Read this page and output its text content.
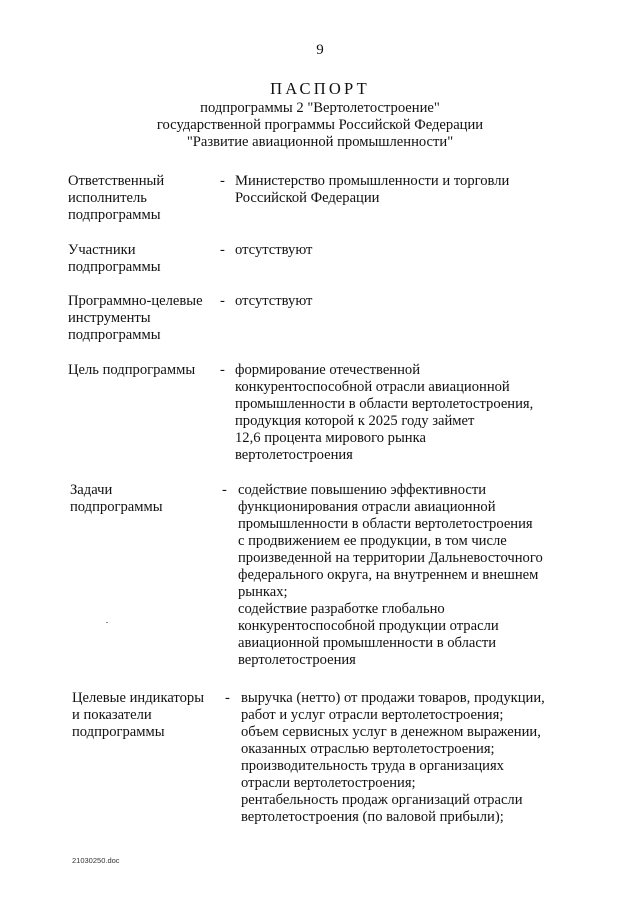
9
ПАСПОРТ
подпрограммы 2 "Вертолетостроение"
государственной программы Российской Федерации
"Развитие авиационной промышленности"
Ответственный
исполнитель
подпрограммы
- Министерство промышленности и торговли
Российской Федерации
Участники
подпрограммы
- отсутствуют
Программно-целевые
инструменты
подпрограммы
- отсутствуют
Цель подпрограммы	- формирование отечественной
конкурентоспособной отрасли авиационной
промышленности в области вертолетостроения,
продукция которой к 2025 году займет
12,6 процента мирового рынка
вертолетостроения
Задачи
подпрограммы
- содействие повышению эффективности
функционирования отрасли авиационной
промышленности в области вертолетостроения
с продвижением ее продукции, в том числе
произведенной на территории Дальневосточного
федерального округа, на внутреннем и внешнем
рынках;
содействие разработке глобально
конкурентоспособной продукции отрасли
авиационной промышленности в области
вертолетостроения
Целевые индикаторы
и показатели
подпрограммы
- выручка (нетто) от продажи товаров, продукции,
работ и услуг отрасли вертолетостроения;
объем сервисных услуг в денежном выражении,
оказанных отраслью вертолетостроения;
производительность труда в организациях
отрасли вертолетостроения;
рентабельность продаж организаций отрасли
вертолетостроения (по валовой прибыли);
21030250.doc
